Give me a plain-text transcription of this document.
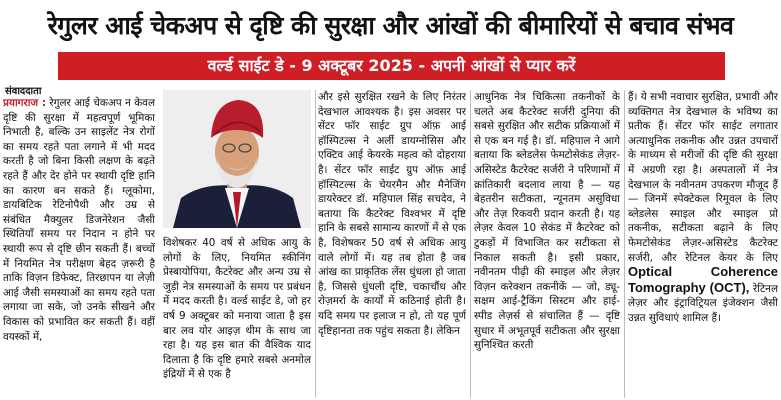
रेगुलर आई चेकअप से दृष्टि की सुरक्षा और आंखों की बीमारियों से बचाव संभव
वर्ल्ड साईट डे - 9 अक्टूबर 2025 - अपनी आंखों से प्यार करें
संवाददाता
प्रयागराज : रेगुलर आई चेकअप न केवल दृष्टि की सुरक्षा में महत्वपूर्ण भूमिका निभाती है, बल्कि उन साइलेंट नेत्र रोगों का समय रहते पता लगाने में भी मदद करती है जो बिना किसी लक्षण के बढ़ते रहते हैं और देर होने पर स्थायी दृष्टि हानि का कारण बन सकते हैं। ग्लूकोमा, डायबिटिक रेटिनोपैथी और उम्र से संबंधित मैक्युलर डिजनेरेशन जैसी स्थितियाँ समय पर निदान न होने पर स्थायी रूप से दृष्टि छीन सकती हैं। बच्चों में नियमित नेत्र परीक्षण बेहद ज़रूरी है ताकि विज़न डिफेक्ट, तिरछापन या लेज़ी आई जैसी समस्याओं का समय रहते पता लगाया जा सके, जो उनके सीखने और विकास को प्रभावित कर सकती हैं। वहीं वयस्कों में,
विशेषकर 40 वर्ष से अधिक आयु के लोगों के लिए, नियमित स्कीनिंग प्रेस्बायोपिया, कैटरेक्ट और अन्य उम्र से जुड़ी नेत्र समस्याओं के समय पर प्रबंधन में मदद करती है। वर्ल्ड साईट डे, जो हर वर्ष 9 अक्टूबर को मनाया जाता है इस बार लव योर आइज़ थीम के साथ जा रहा है। यह इस बात की वैश्विक याद दिलाता है कि दृष्टि हमारे सबसे अनमोल इंद्रियों में से एक है
और इसे सुरक्षित रखने के लिए निरंतर देखभाल आवश्यक है। इस अवसर पर सेंटर फॉर साईट ग्रुप ऑफ़ आई हॉस्पिटल्स ने अर्ली डायग्नोसिस और एक्टिव आई केयरके महत्व को दोहराया है। सेंटर फॉर साईट ग्रुप ऑफ़ आई हॉस्पिटल्स के चेयरमैन और मैनेजिंग डायरेक्टर डॉ. महिपाल सिंह सचदेव, ने बताया कि कैटरेक्ट विश्वभर में दृष्टि हानि के सबसे सामान्य कारणों में से एक है, विशेषकर 50 वर्ष से अधिक आयु वाले लोगों में। यह तब होता है जब आंख का प्राकृतिक लेंस धुंधला हो जाता है, जिससे धुंधली दृष्टि, चकाचौंध और रोज़मर्रा के कार्यों में कठिनाई होती है। यदि समय पर इलाज न हो, तो यह पूर्ण दृष्टिहानता तक पहुंच सकता है। लेकिन
आधुनिक नेत्र चिकित्सा तकनीकों के चलते अब कैटरेक्ट सर्जरी दुनिया की सबसे सुरक्षित और सटीक प्रक्रियाओं में से एक बन गई है। डॉ. महिपाल ने आगे बताया कि ब्लेडलेस फेमटोसेकंड लेज़र-असिस्टेड कैटरेक्ट सर्जरी ने परिणामों में क्रांतिकारी बदलाव लाया है — यह बेहतरीन सटीकता, न्यूनतम असुविधा और तेज़ रिकवरी प्रदान करती है। यह लेज़र केवल 10 सेकंड में कैटरेक्ट को टुकड़ों में विभाजित कर सटीकता से निकाल सकती है। इसी प्रकार, नवीनतम पीढ़ी की स्माइल और लेज़र विज़न करेक्शन तकनीकें — जो, ड्यू-सक्षम आई-ट्रैकिंग सिस्टम और हाई-स्पीड लेज़र्स से संचालित हैं — दृष्टि सुधार में अभूतपूर्व सटीकता और सुरक्षा सुनिश्चित करती
हैं। ये सभी नवाचार सुरक्षित, प्रभावी और व्यक्तिगत नेत्र देखभाल के भविष्य का प्रतीक हैं। सेंटर फॉर साईट लगातार अत्याधुनिक तकनीक और उन्नत उपचारों के माध्यम से मरीजों की दृष्टि की सुरक्षा में अग्रणी रहा है। अस्पतालों में नेत्र देखभाल के नवीनतम उपकरण मौजूद हैं — जिनमें स्पेक्टेकल रिमूवल के लिए ब्लेडलेस स्माइल और स्माइल प्रो तकनीक, सटीकता बढ़ाने के लिए फेमटोसेकंड लेज़र-असिस्टेड कैटरेक्ट सर्जरी, और रेटिनल केयर के लिए Optical Coherence Tomography (OCT), रेटिनल लेज़र और इंट्राविट्रियल इंजेक्शन जैसी उन्नत सुविधाएं शामिल हैं।
